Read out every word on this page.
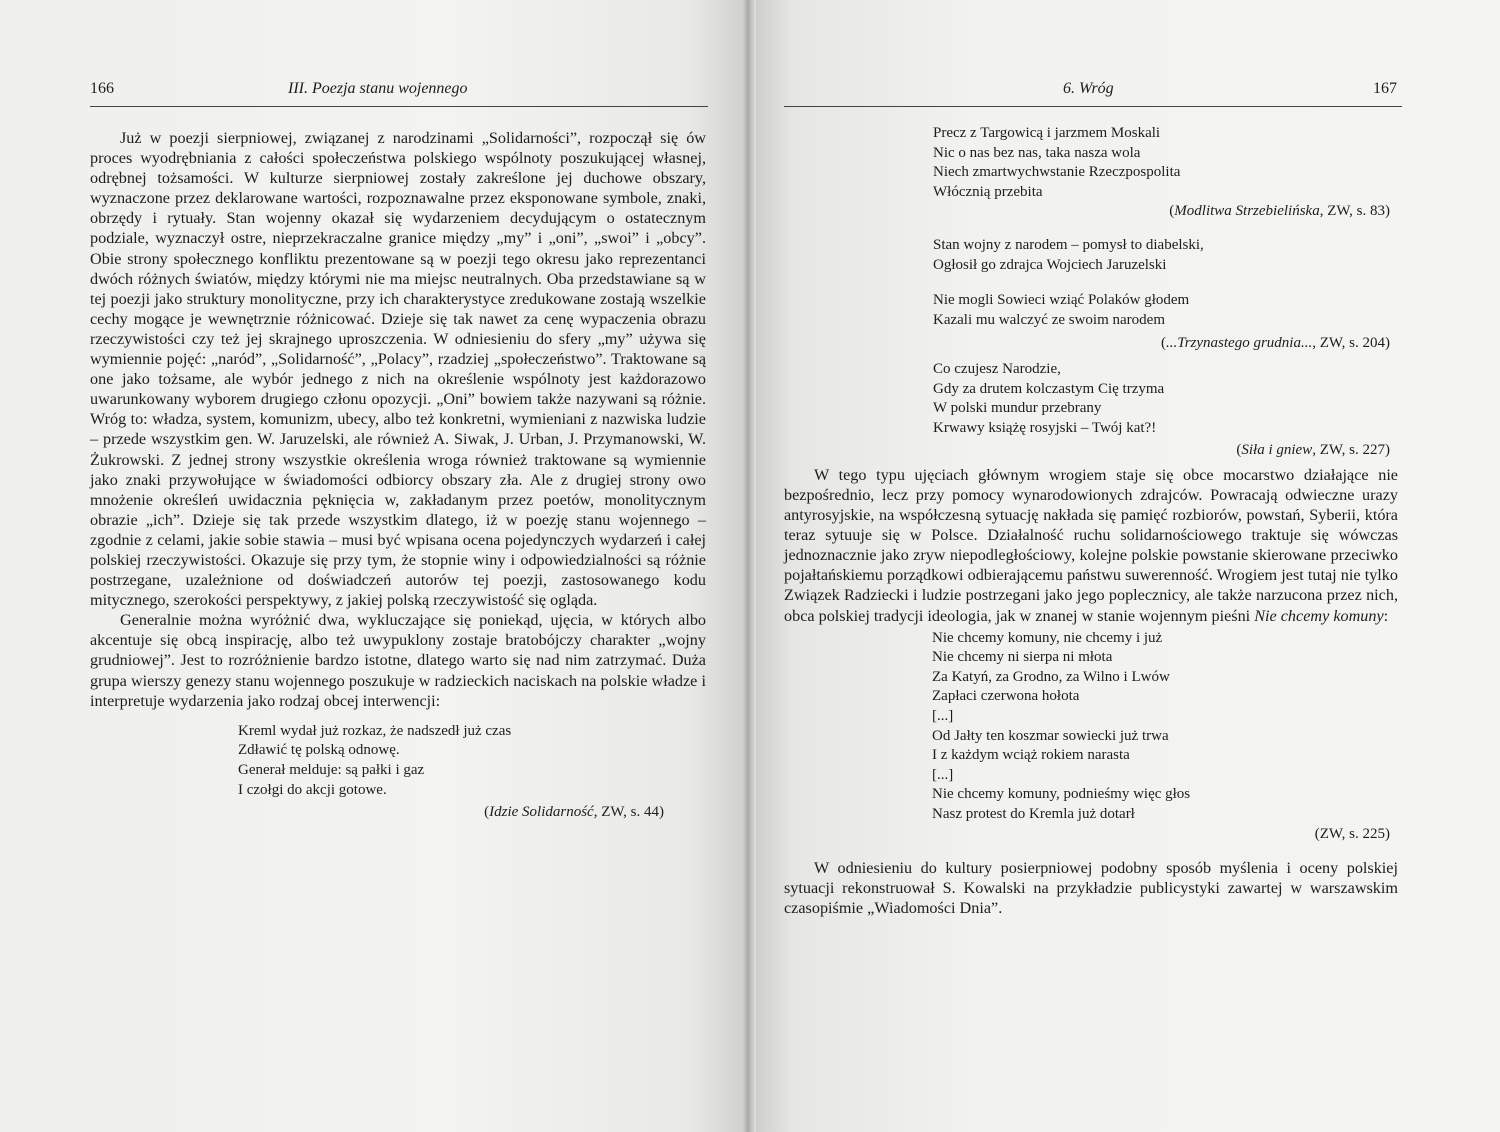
166	III. Poezja stanu wojennego

Już w poezji sierpniowej, związanej z narodzinami „Solidarności”, rozpoczął się ów proces wyodrębniania z całości społeczeństwa polskiego wspólnoty poszukującej własnej, odrębnej tożsamości. W kulturze sierpniowej zostały zakreślone jej duchowe obszary, wyznaczone przez deklarowane wartości, rozpoznawalne przez eksponowane symbole, znaki, obrzędy i rytuały. Stan wojenny okazał się wydarzeniem decydującym o ostatecznym podziale, wyznaczył ostre, nieprzekraczalne granice między „my” i „oni”, „swoi” i „obcy”. Obie strony społecznego konfliktu prezentowane są w poezji tego okresu jako reprezentanci dwóch różnych światów, między którymi nie ma miejsc neutralnych. Oba przedstawiane są w tej poezji jako struktury monolityczne, przy ich charakterystyce zredukowane zostają wszelkie cechy mogące je wewnętrznie różnicować. Dzieje się tak nawet za cenę wypaczenia obrazu rzeczywistości czy też jej skrajnego uproszczenia. W odniesieniu do sfery „my” używa się wymiennie pojęć: „naród”, „Solidarność”, „Polacy”, rzadziej „społeczeństwo”. Traktowane są one jako tożsame, ale wybór jednego z nich na określenie wspólnoty jest każdorazowo uwarunkowany wyborem drugiego członu opozycji. „Oni” bowiem także nazywani są różnie. Wróg to: władza, system, komunizm, ubecy, albo też konkretni, wymieniani z nazwiska ludzie – przede wszystkim gen. W. Jaruzelski, ale również A. Siwak, J. Urban, J. Przymanowski, W. Żukrowski. Z jednej strony wszystkie określenia wroga również traktowane są wymiennie jako znaki przywołujące w świadomości odbiorcy obszary zła. Ale z drugiej strony owo mnożenie określeń uwidacznia pęknięcia w, zakładanym przez poetów, monolitycznym obrazie „ich”. Dzieje się tak przede wszystkim dlatego, iż w poezję stanu wojennego – zgodnie z celami, jakie sobie stawia – musi być wpisana ocena pojedynczych wydarzeń i całej polskiej rzeczywistości. Okazuje się przy tym, że stopnie winy i odpowiedzialności są różnie postrzegane, uzależnione od doświadczeń autorów tej poezji, zastosowanego kodu mitycznego, szerokości perspektywy, z jakiej polską rzeczywistość się ogląda.

Generalnie można wyróżnić dwa, wykluczające się poniekąd, ujęcia, w których albo akcentuje się obcą inspirację, albo też uwypuklony zostaje bratobójczy charakter „wojny grudniowej”. Jest to rozróżnienie bardzo istotne, dlatego warto się nad nim zatrzymać. Duża grupa wierszy genezy stanu wojennego poszukuje w radzieckich naciskach na polskie władze i interpretuje wydarzenia jako rodzaj obcej interwencji:

Kreml wydał już rozkaz, że nadszedł już czas
Zdławić tę polską odnowę.
Generał melduje: są pałki i gaz
I czołgi do akcji gotowe.
(Idzie Solidarność, ZW, s. 44)
6. Wróg	167
Precz z Targowicą i jarzmem Moskali
Nic o nas bez nas, taka nasza wola
Niech zmartwychwstanie Rzeczpospolita
Włócznią przebita
(Modlitwa Strzebielińska, ZW, s. 83)
Stan wojny z narodem – pomysł to diabelski,
Ogłosił go zdrajca Wojciech Jaruzelski
Nie mogli Sowieci wziąć Polaków głodem
Kazali mu walczyć ze swoim narodem
(...Trzynastego grudnia..., ZW, s. 204)
Co czujesz Narodzie,
Gdy za drutem kolczastym Cię trzyma
W polski mundur przebrany
Krwawy książę rosyjski – Twój kat?!
(Siła i gniew, ZW, s. 227)

W tego typu ujęciach głównym wrogiem staje się obce mocarstwo działające nie bezpośrednio, lecz przy pomocy wynarodowionych zdrajców. Powracają odwieczne urazy antyrosyjskie, na współczesną sytuację nakłada się pamięć rozbiorów, powstań, Syberii, która teraz sytuuje się w Polsce. Działalność ruchu solidarnościowego traktuje się wówczas jednoznacznie jako zryw niepodległościowy, kolejne polskie powstanie skierowane przeciwko pojałtańskiemu porządkowi odbierającemu państwu suwerenność. Wrogiem jest tutaj nie tylko Związek Radziecki i ludzie postrzegani jako jego poplecznicy, ale także narzucona przez nich, obca polskiej tradycji ideologia, jak w znanej w stanie wojennym pieśni Nie chcemy komuny:

Nie chcemy komuny, nie chcemy i już
Nie chcemy ni sierpa ni młota
Za Katyń, za Grodno, za Wilno i Lwów
Zapłaci czerwona hołota
[...]
Od Jałty ten koszmar sowiecki już trwa
I z każdym wciąż rokiem narasta
[...]
Nie chcemy komuny, podnieśmy więc głos
Nasz protest do Kremla już dotarł
(ZW, s. 225)

W odniesieniu do kultury posierpniowej podobny sposób myślenia i oceny polskiej sytuacji rekonstruował S. Kowalski na przykładzie publicystyki zawartej w warszawskim czasopiśmie „Wiadomości Dnia”.
